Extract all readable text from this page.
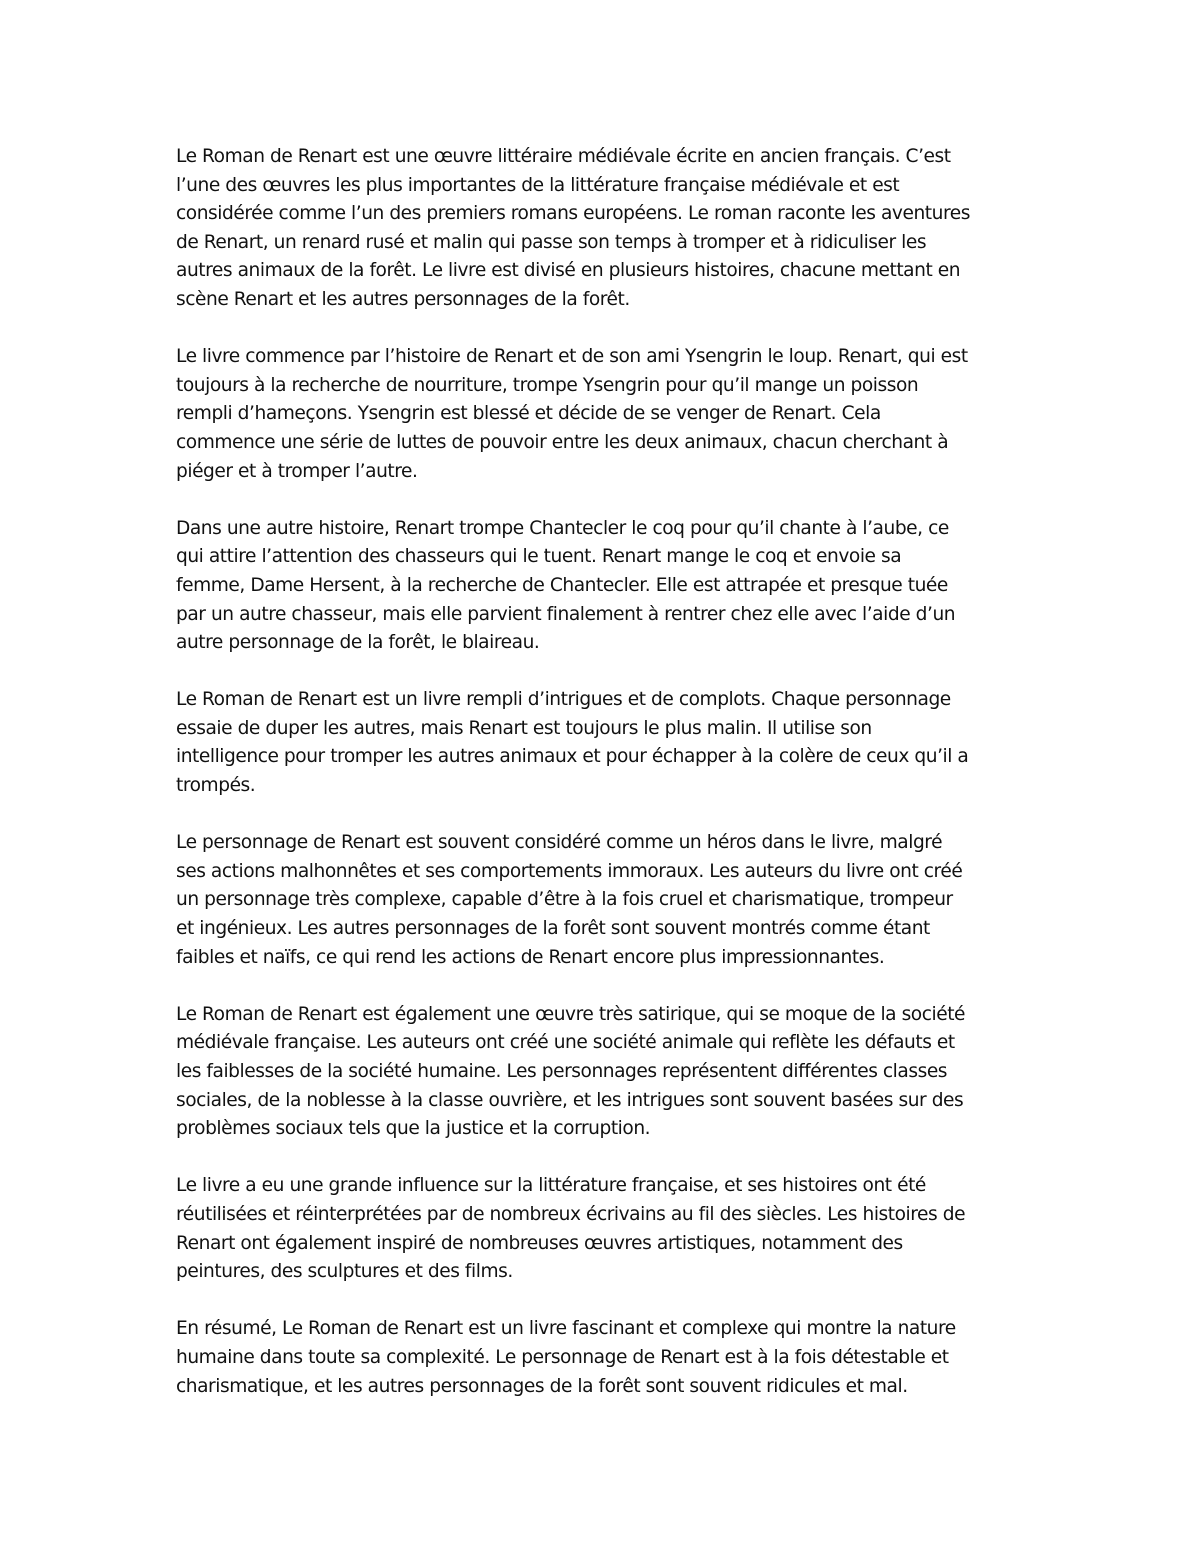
Le Roman de Renart est une œuvre littéraire médiévale écrite en ancien français. C’est
l’une des œuvres les plus importantes de la littérature française médiévale et est
considérée comme l’un des premiers romans européens. Le roman raconte les aventures
de Renart, un renard rusé et malin qui passe son temps à tromper et à ridiculiser les
autres animaux de la forêt. Le livre est divisé en plusieurs histoires, chacune mettant en
scène Renart et les autres personnages de la forêt.

Le livre commence par l’histoire de Renart et de son ami Ysengrin le loup. Renart, qui est
toujours à la recherche de nourriture, trompe Ysengrin pour qu’il mange un poisson
rempli d’hameçons. Ysengrin est blessé et décide de se venger de Renart. Cela
commence une série de luttes de pouvoir entre les deux animaux, chacun cherchant à
piéger et à tromper l’autre.

Dans une autre histoire, Renart trompe Chantecler le coq pour qu’il chante à l’aube, ce
qui attire l’attention des chasseurs qui le tuent. Renart mange le coq et envoie sa
femme, Dame Hersent, à la recherche de Chantecler. Elle est attrapée et presque tuée
par un autre chasseur, mais elle parvient finalement à rentrer chez elle avec l’aide d’un
autre personnage de la forêt, le blaireau.

Le Roman de Renart est un livre rempli d’intrigues et de complots. Chaque personnage
essaie de duper les autres, mais Renart est toujours le plus malin. Il utilise son
intelligence pour tromper les autres animaux et pour échapper à la colère de ceux qu’il a
trompés.

Le personnage de Renart est souvent considéré comme un héros dans le livre, malgré
ses actions malhonnêtes et ses comportements immoraux. Les auteurs du livre ont créé
un personnage très complexe, capable d’être à la fois cruel et charismatique, trompeur
et ingénieux. Les autres personnages de la forêt sont souvent montrés comme étant
faibles et naïfs, ce qui rend les actions de Renart encore plus impressionnantes.

Le Roman de Renart est également une œuvre très satirique, qui se moque de la société
médiévale française. Les auteurs ont créé une société animale qui reflète les défauts et
les faiblesses de la société humaine. Les personnages représentent différentes classes
sociales, de la noblesse à la classe ouvrière, et les intrigues sont souvent basées sur des
problèmes sociaux tels que la justice et la corruption.

Le livre a eu une grande influence sur la littérature française, et ses histoires ont été
réutilisées et réinterprétées par de nombreux écrivains au fil des siècles. Les histoires de
Renart ont également inspiré de nombreuses œuvres artistiques, notamment des
peintures, des sculptures et des films.

En résumé, Le Roman de Renart est un livre fascinant et complexe qui montre la nature
humaine dans toute sa complexité. Le personnage de Renart est à la fois détestable et
charismatique, et les autres personnages de la forêt sont souvent ridicules et mal.
